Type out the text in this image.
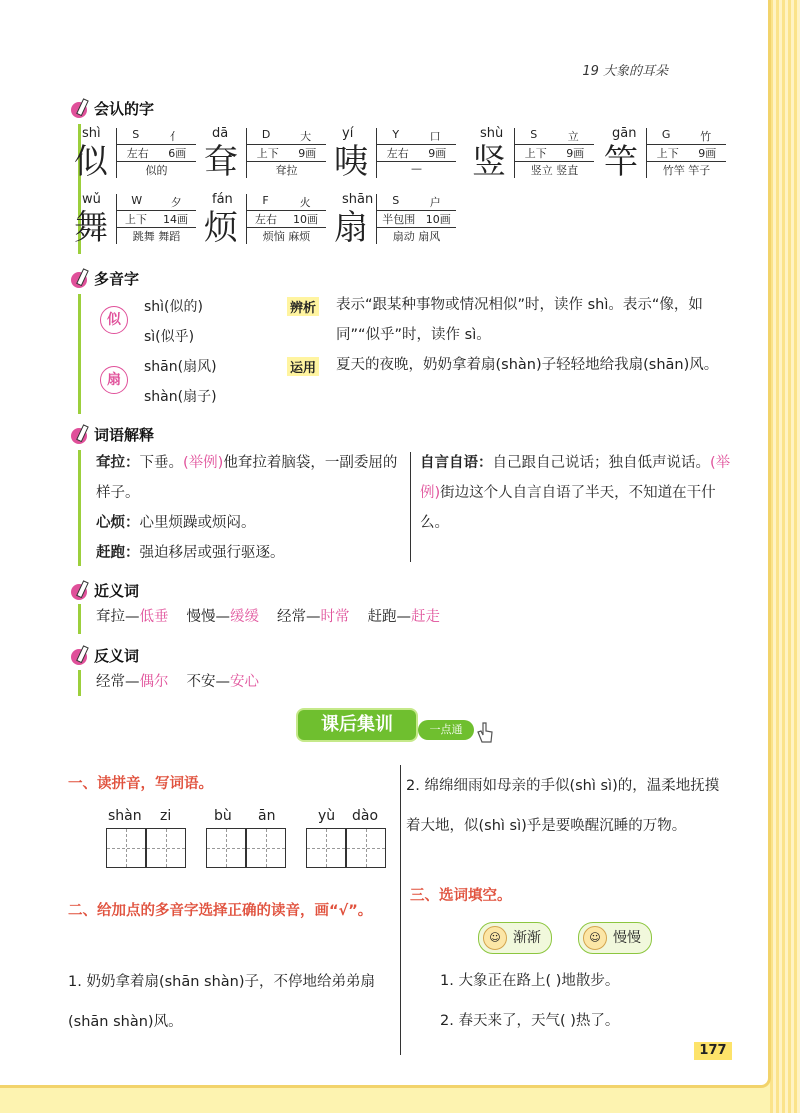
19 大象的耳朵
会认的字
shì
似
S	亻
左右 6画
似的
dā
耷
D	大
上下 9画
耷拉
yí
咦
Y	口
左右 9画
—
shù
竖
S	立
上下 9画
竖立 竖直
gān
竿
G	竹
上下 9画
竹竿 竿子
wǔ
舞
W	夕
上下 14画
跳舞 舞蹈
fán
烦
F	火
左右 10画
烦恼 麻烦
shān
扇
S	户
半包围 10画
扇动 扇风
多音字
似
shì(似的)
sì(似乎)
辨析 表示“跟某种事物或情况相似”时，读作 shì。表示“像，如同”“似乎”时，读作 sì。
扇
shān(扇风)
shàn(扇子)
运用 夏天的夜晚，奶奶拿着扇(shàn)子轻轻地给我扇(shān)风。
词语解释
耷拉：下垂。(举例)他耷拉着脑袋，一副委屈的样子。
心烦：心里烦躁或烦闷。
赶跑：强迫移居或强行驱逐。
自言自语：自己跟自己说话；独自低声说话。(举例)街边这个人自言自语了半天，不知道在干什么。
近义词
耷拉—低垂 慢慢—缓缓 经常—时常 赶跑—赶走
反义词
经常—偶尔 不安—安心
课后集训	一点通
一、读拼音，写词语。
shàn zi	bù ān	yù dào
二、给加点的多音字选择正确的读音，画“√”。
1. 奶奶拿着扇(shān shàn)子，不停地给弟弟扇(shān shàn)风。
2. 绵绵细雨如母亲的手似(shì sì)的，温柔地抚摸着大地，似(shì sì)乎是要唤醒沉睡的万物。
三、选词填空。
☺ 渐渐	☺ 慢慢
1. 大象正在路上( )地散步。
2. 春天来了，天气( )热了。
177
